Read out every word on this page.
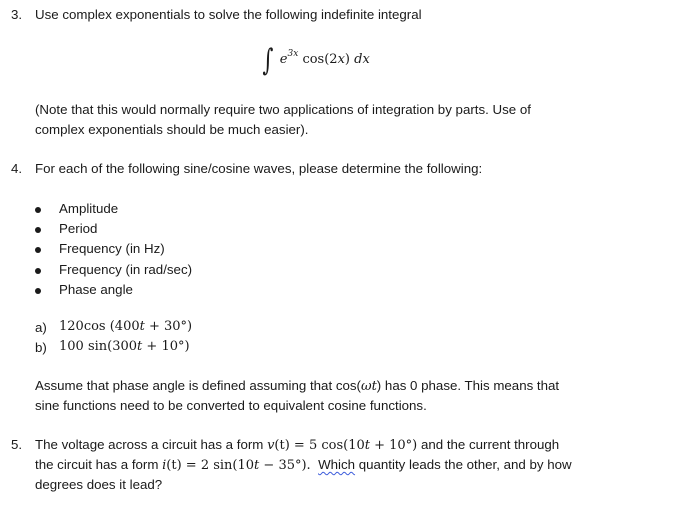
3. Use complex exponentials to solve the following indefinite integral
∫ $e^{3x}$ cos(2x) dx
(Note that this would normally require two applications of integration by parts. Use of
complex exponentials should be much easier).
4. For each of the following sine/cosine waves, please determine the following:
Amplitude
Period
Frequency (in Hz)
Frequency (in rad/sec)
Phase angle
a) 120cos (400t + 30°)
b) 100 sin(300t + 10°)
Assume that phase angle is defined assuming that cos(ωt) has 0 phase. This means that
sine functions need to be converted to equivalent cosine functions.
5. The voltage across a circuit has a form v(t) = 5 cos(10t + 10°) and the current through
the circuit has a form i(t) = 2 sin(10t − 35°). Which quantity leads the other, and by how
degrees does it lead?
